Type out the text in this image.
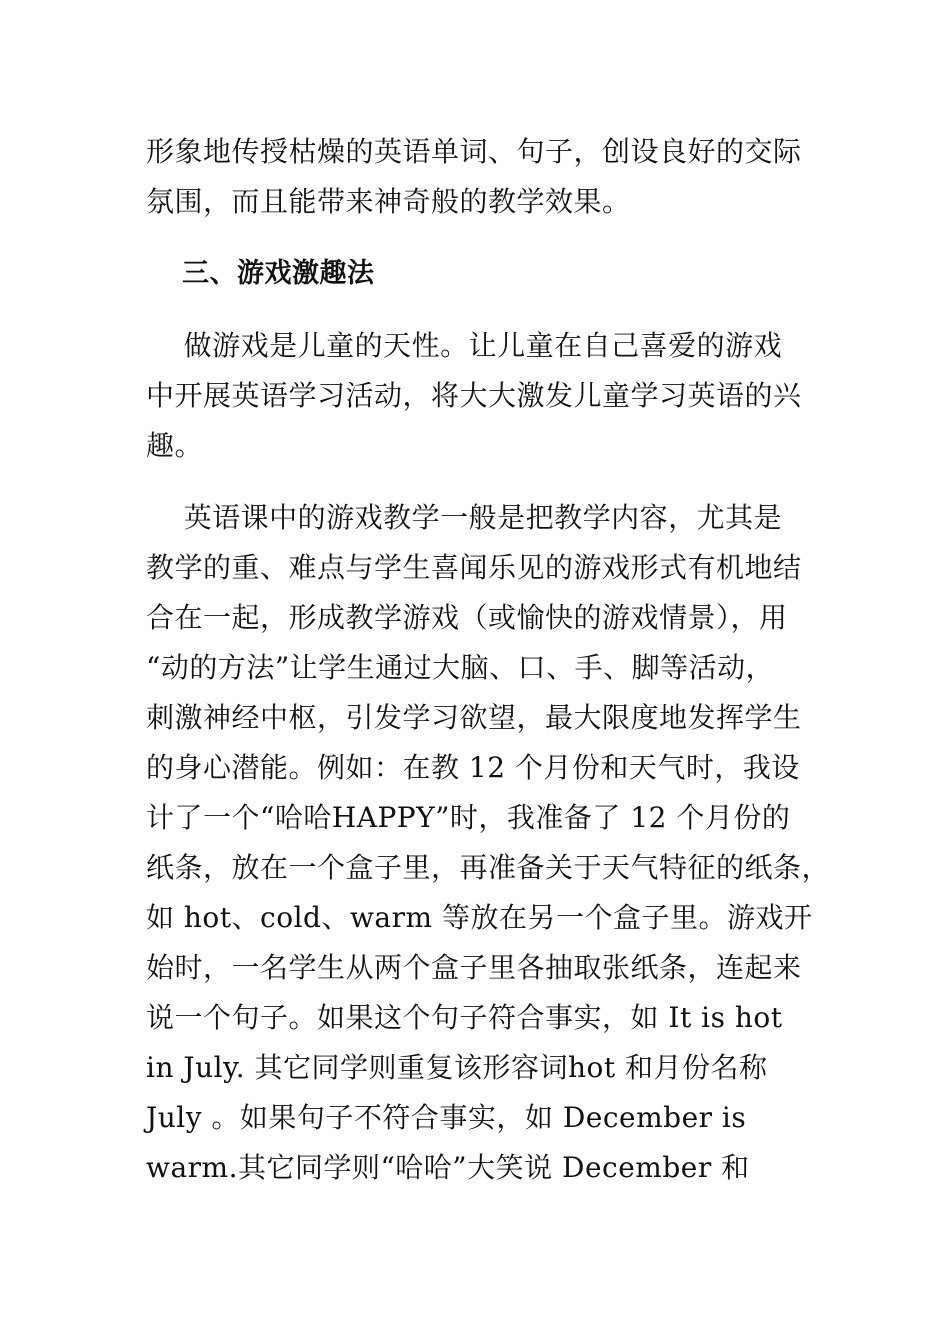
形象地传授枯燥的英语单词、句子，创设良好的交际
氛围，而且能带来神奇般的教学效果。
三、游戏激趣法
做游戏是儿童的天性。让儿童在自己喜爱的游戏
中开展英语学习活动，将大大激发儿童学习英语的兴
趣。
英语课中的游戏教学一般是把教学内容，尤其是
教学的重、难点与学生喜闻乐见的游戏形式有机地结
合在一起，形成教学游戏（或愉快的游戏情景），用
“动的方法”让学生通过大脑、口、手、脚等活动，
刺激神经中枢，引发学习欲望，最大限度地发挥学生
的身心潜能。例如：在教 12 个月份和天气时，我设
计了一个“哈哈HAPPY”时，我准备了 12 个月份的
纸条，放在一个盒子里，再准备关于天气特征的纸条，
如 hot、cold、warm 等放在另一个盒子里。游戏开
始时，一名学生从两个盒子里各抽取张纸条，连起来
说一个句子。如果这个句子符合事实，如 It is hot
in July. 其它同学则重复该形容词hot 和月份名称
July 。如果句子不符合事实，如 December is
warm.其它同学则“哈哈”大笑说 December 和
